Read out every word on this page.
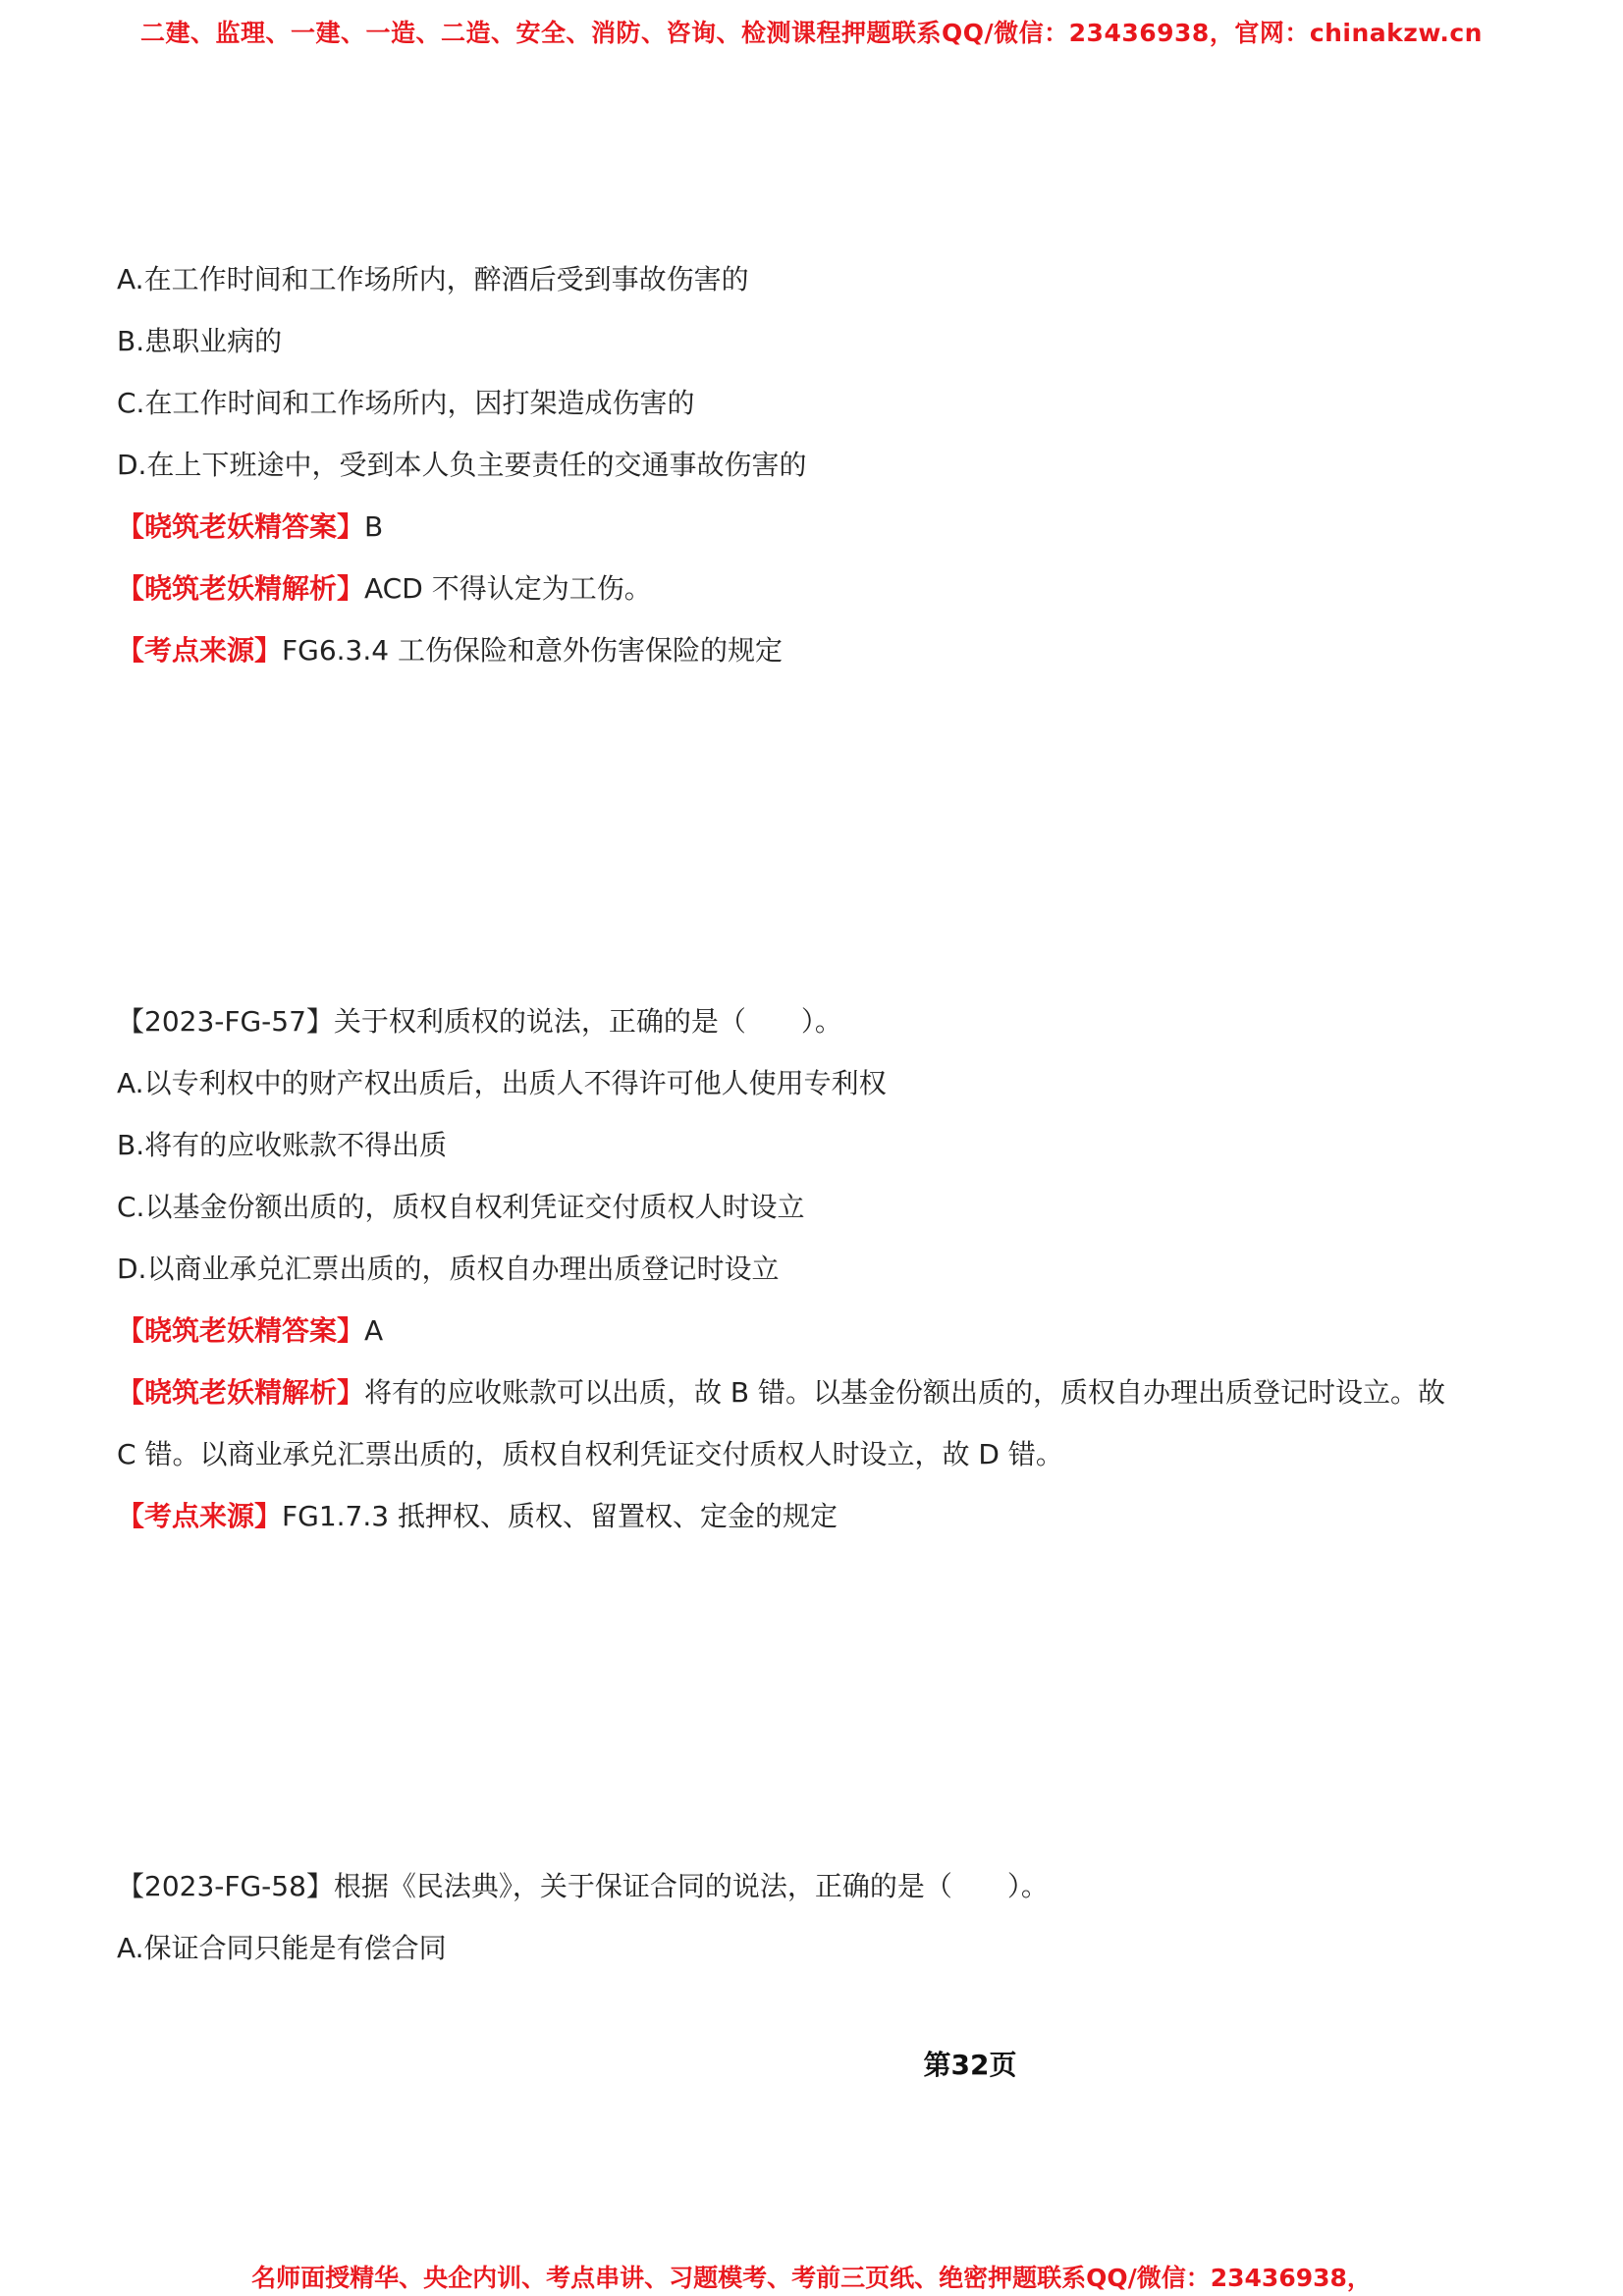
二建、监理、一建、一造、二造、安全、消防、咨询、检测课程押题联系QQ/微信：23436938，官网：chinakzw.cn
A.在工作时间和工作场所内，醉酒后受到事故伤害的
B.患职业病的
C.在工作时间和工作场所内，因打架造成伤害的
D.在上下班途中，受到本人负主要责任的交通事故伤害的
【晓筑老妖精答案】B
【晓筑老妖精解析】ACD 不得认定为工伤。
【考点来源】FG6.3.4 工伤保险和意外伤害保险的规定
【2023-FG-57】关于权利质权的说法，正确的是（　　）。
A.以专利权中的财产权出质后，出质人不得许可他人使用专利权
B.将有的应收账款不得出质
C.以基金份额出质的，质权自权利凭证交付质权人时设立
D.以商业承兑汇票出质的，质权自办理出质登记时设立
【晓筑老妖精答案】A
【晓筑老妖精解析】将有的应收账款可以出质，故 B 错。以基金份额出质的，质权自办理出质登记时设立。故
C 错。以商业承兑汇票出质的，质权自权利凭证交付质权人时设立，故 D 错。
【考点来源】FG1.7.3 抵押权、质权、留置权、定金的规定
【2023-FG-58】根据《民法典》，关于保证合同的说法，正确的是（　　）。
A.保证合同只能是有偿合同
第32页
名师面授精华、央企内训、考点串讲、习题模考、考前三页纸、绝密押题联系QQ/微信：23436938，
